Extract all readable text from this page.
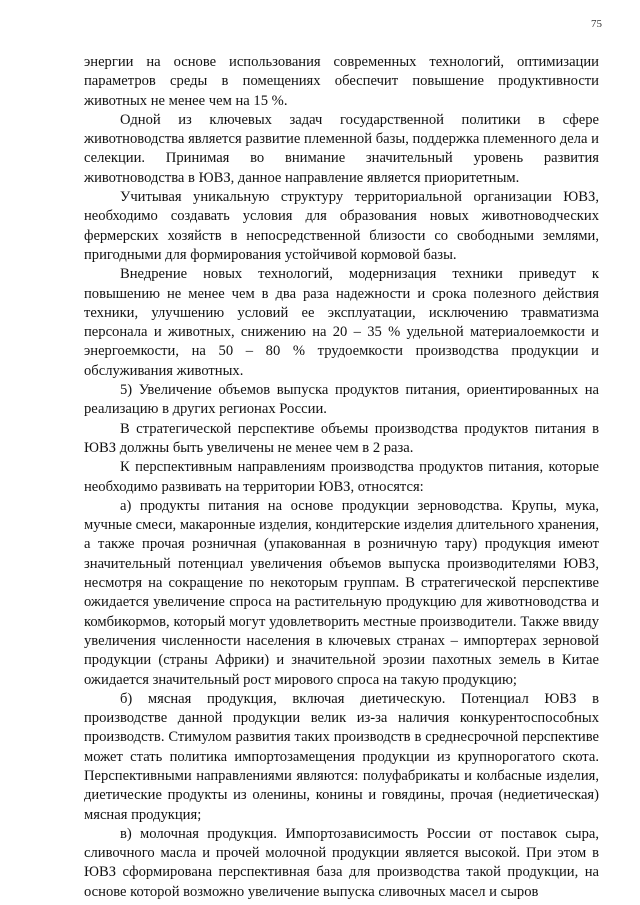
75

энергии на основе использования современных технологий, оптимизации параметров среды в помещениях обеспечит повышение продуктивности животных не менее чем на 15 %.

Одной из ключевых задач государственной политики в сфере животноводства является развитие племенной базы, поддержка племенного дела и селекции. Принимая во внимание значительный уровень развития животноводства в ЮВЗ, данное направление является приоритетным.

Учитывая уникальную структуру территориальной организации ЮВЗ, необходимо создавать условия для образования новых животноводческих фермерских хозяйств в непосредственной близости со свободными землями, пригодными для формирования устойчивой кормовой базы.

Внедрение новых технологий, модернизация техники приведут к повышению не менее чем в два раза надежности и срока полезного действия техники, улучшению условий ее эксплуатации, исключению травматизма персонала и животных, снижению на 20 – 35 % удельной материалоемкости и энергоемкости, на 50 – 80 % трудоемкости производства продукции и обслуживания животных.

5) Увеличение объемов выпуска продуктов питания, ориентированных на реализацию в других регионах России.

В стратегической перспективе объемы производства продуктов питания в ЮВЗ должны быть увеличены не менее чем в 2 раза.

К перспективным направлениям производства продуктов питания, которые необходимо развивать на территории ЮВЗ, относятся:

а) продукты питания на основе продукции зерноводства. Крупы, мука, мучные смеси, макаронные изделия, кондитерские изделия длительного хранения, а также прочая розничная (упакованная в розничную тару) продукция имеют значительный потенциал увеличения объемов выпуска производителями ЮВЗ, несмотря на сокращение по некоторым группам. В стратегической перспективе ожидается увеличение спроса на растительную продукцию для животноводства и комбикормов, который могут удовлетворить местные производители. Также ввиду увеличения численности населения в ключевых странах – импортерах зерновой продукции (страны Африки) и значительной эрозии пахотных земель в Китае ожидается значительный рост мирового спроса на такую продукцию;

б) мясная продукция, включая диетическую. Потенциал ЮВЗ в производстве данной продукции велик из-за наличия конкурентоспособных производств. Стимулом развития таких производств в среднесрочной перспективе может стать политика импортозамещения продукции из крупнорогатого скота. Перспективными направлениями являются: полуфабрикаты и колбасные изделия, диетические продукты из оленины, конины и говядины, прочая (недиетическая) мясная продукция;

в) молочная продукция. Импортозависимость России от поставок сыра, сливочного масла и прочей молочной продукции является высокой. При этом в ЮВЗ сформирована перспективная база для производства такой продукции, на основе которой возможно увеличение выпуска сливочных масел и сыров
